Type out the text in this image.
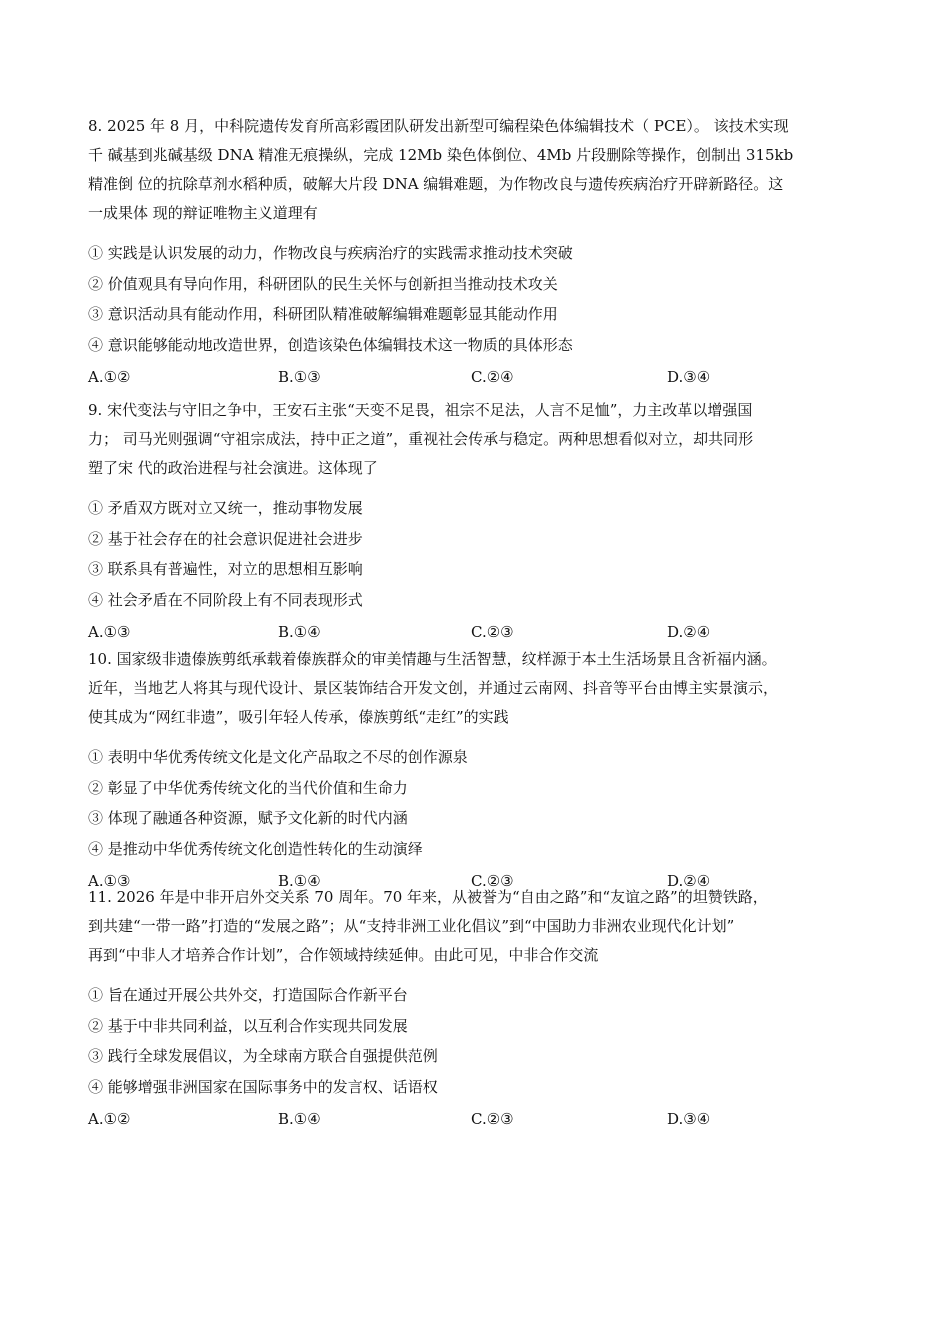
8. 2025 年 8 月，中科院遗传发育所高彩霞团队研发出新型可编程染色体编辑技术（ PCE）。 该技术实现
千 碱基到兆碱基级 DNA 精准无痕操纵，完成 12Mb 染色体倒位、4Mb 片段删除等操作，创制出 315kb
精准倒 位的抗除草剂水稻种质，破解大片段 DNA 编辑难题，为作物改良与遗传疾病治疗开辟新路径。这
一成果体 现的辩证唯物主义道理有
① 实践是认识发展的动力，作物改良与疾病治疗的实践需求推动技术突破
② 价值观具有导向作用，科研团队的民生关怀与创新担当推动技术攻关
③ 意识活动具有能动作用，科研团队精准破解编辑难题彰显其能动作用
④ 意识能够能动地改造世界，创造该染色体编辑技术这一物质的具体形态
A.①②	B.①③	C.②④	D.③④
9. 宋代变法与守旧之争中，王安石主张“天变不足畏，祖宗不足法，人言不足恤”，力主改革以增强国
力； 司马光则强调“守祖宗成法，持中正之道”，重视社会传承与稳定。两种思想看似对立，却共同形
塑了宋 代的政治进程与社会演进。这体现了
① 矛盾双方既对立又统一，推动事物发展
② 基于社会存在的社会意识促进社会进步
③ 联系具有普遍性，对立的思想相互影响
④ 社会矛盾在不同阶段上有不同表现形式
A.①③	B.①④	C.②③	D.②④
10. 国家级非遗傣族剪纸承载着傣族群众的审美情趣与生活智慧，纹样源于本土生活场景且含祈福内涵。
近年，当地艺人将其与现代设计、景区装饰结合开发文创，并通过云南网、抖音等平台由博主实景演示，
使其成为“网红非遗”，吸引年轻人传承，傣族剪纸“走红”的实践
① 表明中华优秀传统文化是文化产品取之不尽的创作源泉
② 彰显了中华优秀传统文化的当代价值和生命力
③ 体现了融通各种资源，赋予文化新的时代内涵
④ 是推动中华优秀传统文化创造性转化的生动演绎
A.①③	B.①④	C.②③	D.②④
11. 2026 年是中非开启外交关系 70 周年。70 年来，从被誉为“自由之路”和“友谊之路”的坦赞铁路，
到共建“一带一路”打造的“发展之路”；从“支持非洲工业化倡议”到“中国助力非洲农业现代化计划”
再到“中非人才培养合作计划”，合作领域持续延伸。由此可见，中非合作交流
① 旨在通过开展公共外交，打造国际合作新平台
② 基于中非共同利益，以互利合作实现共同发展
③ 践行全球发展倡议，为全球南方联合自强提供范例
④ 能够增强非洲国家在国际事务中的发言权、话语权
A.①②	B.①④	C.②③	D.③④
